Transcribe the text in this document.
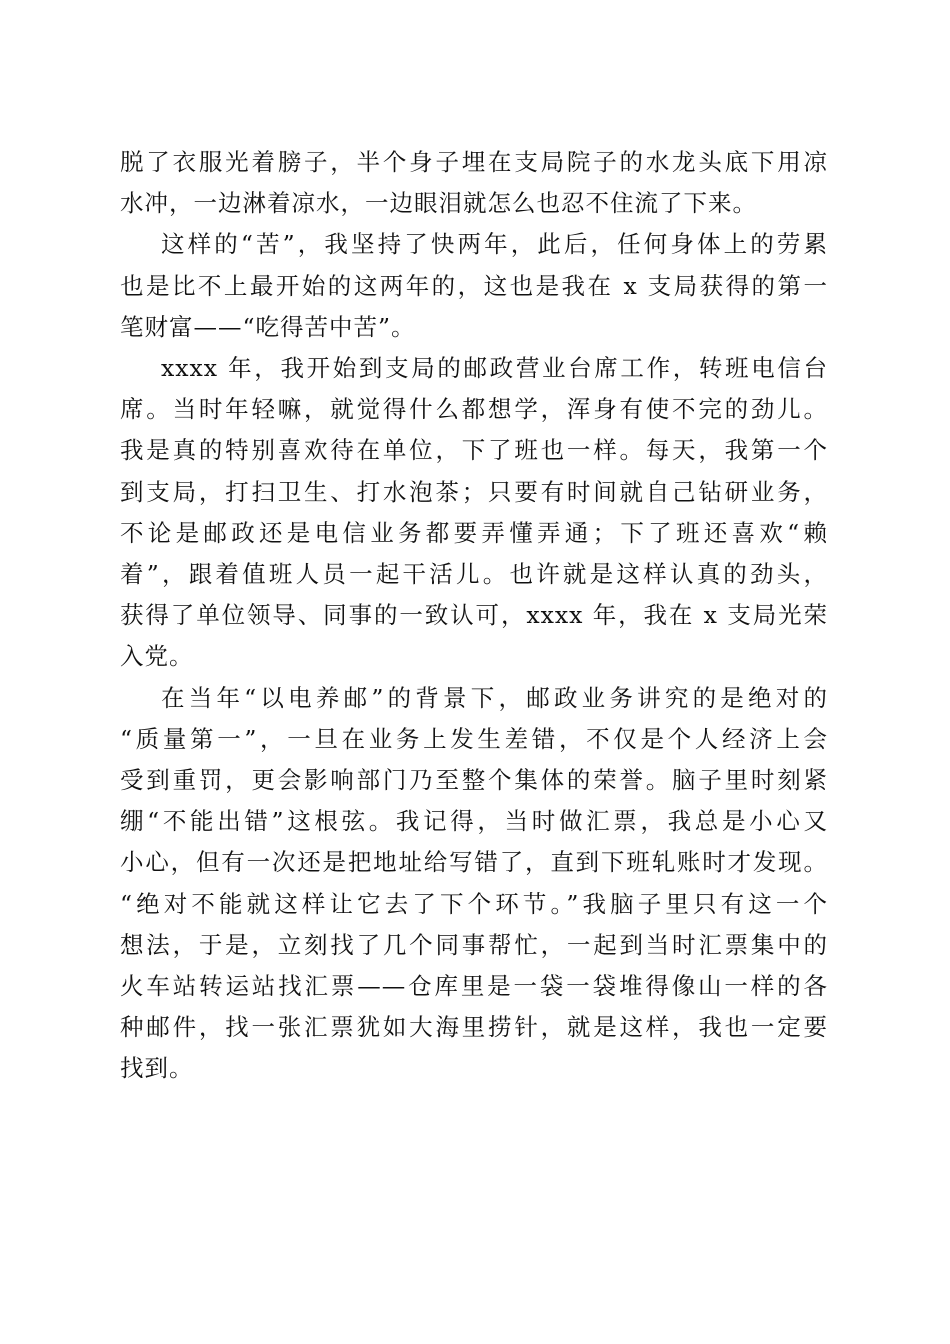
脱了衣服光着膀子，半个身子埋在支局院子的水龙头底下用凉
水冲，一边淋着凉水，一边眼泪就怎么也忍不住流了下来。
这样的“苦”，我坚持了快两年，此后，任何身体上的劳累
也是比不上最开始的这两年的，这也是我在 x 支局获得的第一
笔财富——“吃得苦中苦”。
xxxx 年，我开始到支局的邮政营业台席工作，转班电信台
席。当时年轻嘛，就觉得什么都想学，浑身有使不完的劲儿。
我是真的特别喜欢待在单位，下了班也一样。每天，我第一个
到支局，打扫卫生、打水泡茶；只要有时间就自己钻研业务，
不论是邮政还是电信业务都要弄懂弄通；下了班还喜欢“赖
着”，跟着值班人员一起干活儿。也许就是这样认真的劲头，
获得了单位领导、同事的一致认可，xxxx 年，我在 x 支局光荣
入党。
在当年“以电养邮”的背景下，邮政业务讲究的是绝对的
“质量第一”，一旦在业务上发生差错，不仅是个人经济上会
受到重罚，更会影响部门乃至整个集体的荣誉。脑子里时刻紧
绷“不能出错”这根弦。我记得，当时做汇票，我总是小心又
小心，但有一次还是把地址给写错了，直到下班轧账时才发现。
“绝对不能就这样让它去了下个环节。”我脑子里只有这一个
想法，于是，立刻找了几个同事帮忙，一起到当时汇票集中的
火车站转运站找汇票——仓库里是一袋一袋堆得像山一样的各
种邮件，找一张汇票犹如大海里捞针，就是这样，我也一定要
找到。
